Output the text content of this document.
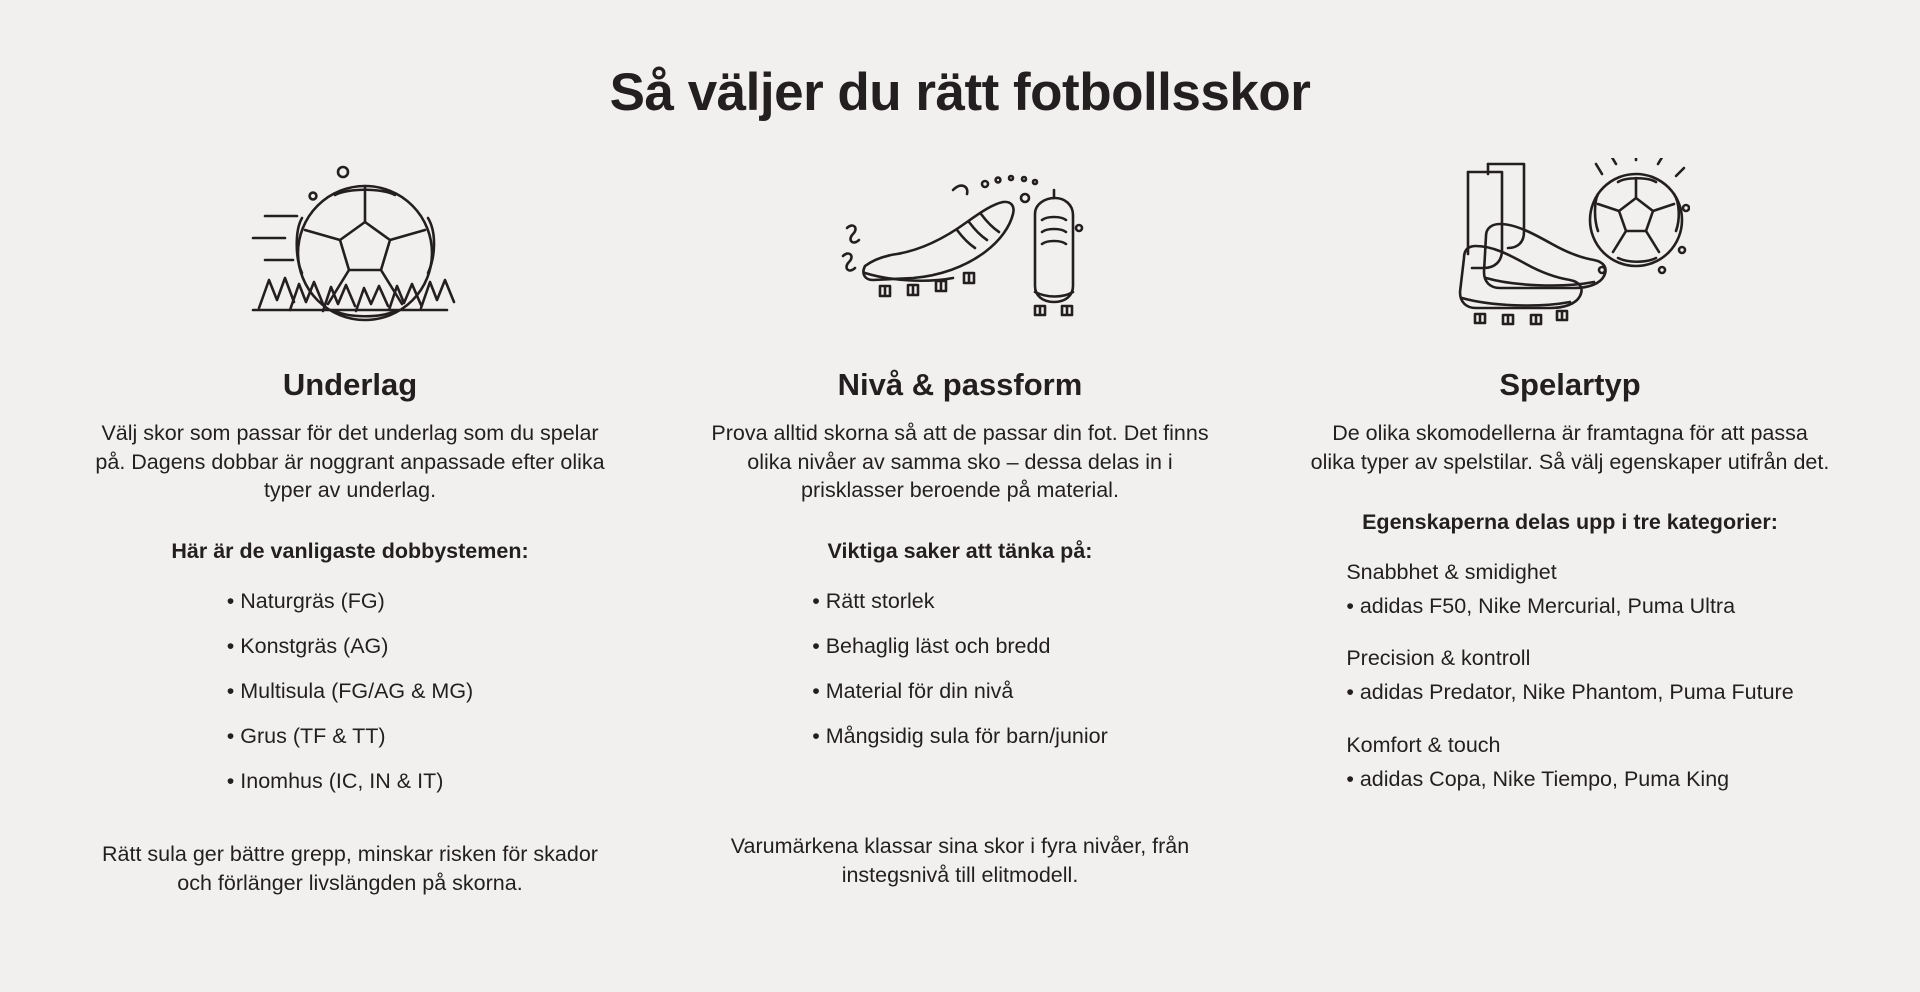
Så väljer du rätt fotbollsskor
Underlag
Välj skor som passar för det underlag som du spelar på. Dagens dobbar är noggrant anpassade efter olika typer av underlag.
Här är de vanligaste dobbystemen:
• Naturgräs (FG)
• Konstgräs (AG)
• Multisula (FG/AG & MG)
• Grus (TF & TT)
• Inomhus (IC, IN & IT)
Rätt sula ger bättre grepp, minskar risken för skador och förlänger livslängden på skorna.
Nivå & passform
Prova alltid skorna så att de passar din fot. Det finns olika nivåer av samma sko – dessa delas in i prisklasser beroende på material.
Viktiga saker att tänka på:
• Rätt storlek
• Behaglig läst och bredd
• Material för din nivå
• Mångsidig sula för barn/junior
Varumärkena klassar sina skor i fyra nivåer, från instegsnivå till elitmodell.
Spelartyp
De olika skomodellerna är framtagna för att passa olika typer av spelstilar. Så välj egenskaper utifrån det.
Egenskaperna delas upp i tre kategorier:

Snabbhet & smidighet

• adidas F50, Nike Mercurial, Puma Ultra

Precision & kontroll

• adidas Predator, Nike Phantom, Puma Future

Komfort & touch

• adidas Copa, Nike Tiempo, Puma King
